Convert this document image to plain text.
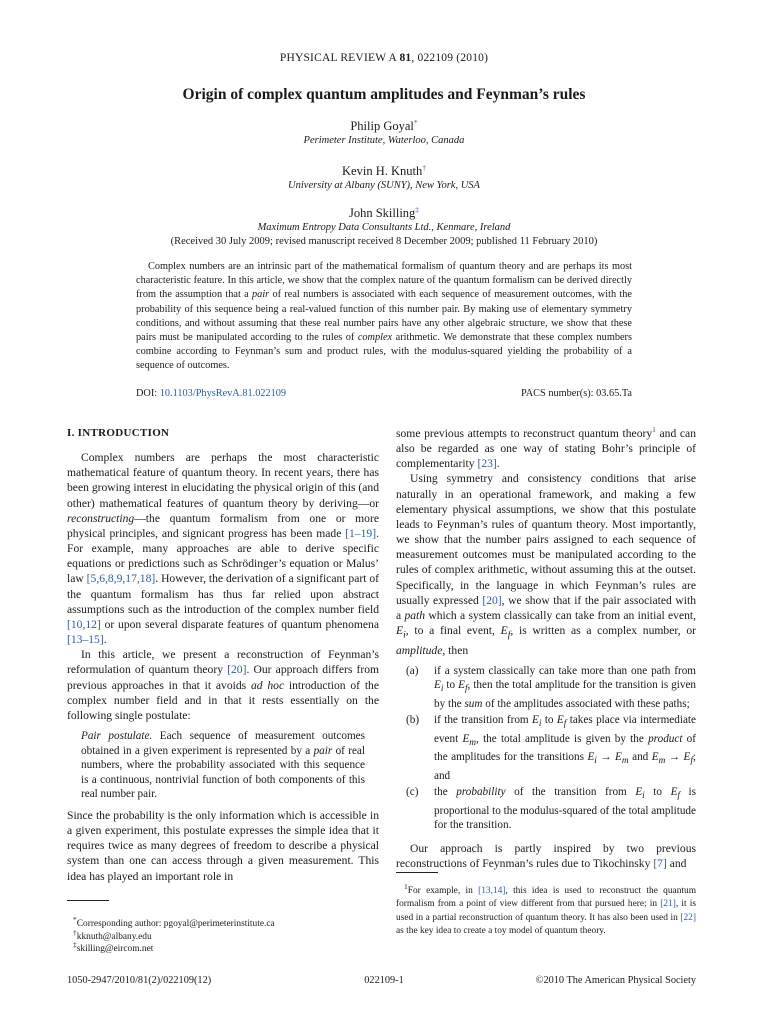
PHYSICAL REVIEW A 81, 022109 (2010)
Origin of complex quantum amplitudes and Feynman’s rules
Philip Goyal*
Perimeter Institute, Waterloo, Canada
Kevin H. Knuth†
University at Albany (SUNY), New York, USA
John Skilling‡
Maximum Entropy Data Consultants Ltd., Kenmare, Ireland
(Received 30 July 2009; revised manuscript received 8 December 2009; published 11 February 2010)

Complex numbers are an intrinsic part of the mathematical formalism of quantum theory and are perhaps its most characteristic feature. In this article, we show that the complex nature of the quantum formalism can be derived directly from the assumption that a pair of real numbers is associated with each sequence of measurement outcomes, with the probability of this sequence being a real-valued function of this number pair. By making use of elementary symmetry conditions, and without assuming that these real number pairs have any other algebraic structure, we show that these pairs must be manipulated according to the rules of complex arithmetic. We demonstrate that these complex numbers combine according to Feynman’s sum and product rules, with the modulus-squared yielding the probability of a sequence of outcomes.

DOI: 10.1103/PhysRevA.81.022109	PACS number(s): 03.65.Ta

I. INTRODUCTION

Complex numbers are perhaps the most characteristic mathematical feature of quantum theory. In recent years, there has been growing interest in elucidating the physical origin of this (and other) mathematical features of quantum theory by deriving—or reconstructing—the quantum formalism from one or more physical principles, and signicant progress has been made [1–19]. For example, many approaches are able to derive specific equations or predictions such as Schrödinger’s equation or Malus’ law [5,6,8,9,17,18]. However, the derivation of a significant part of the quantum formalism has thus far relied upon abstract assumptions such as the introduction of the complex number field [10,12] or upon several disparate features of quantum phenomena [13–15].

In this article, we present a reconstruction of Feynman’s reformulation of quantum theory [20]. Our approach differs from previous approaches in that it avoids ad hoc introduction of the complex number field and in that it rests essentially on the following single postulate:

Pair postulate. Each sequence of measurement outcomes obtained in a given experiment is represented by a pair of real numbers, where the probability associated with this sequence is a continuous, nontrivial function of both components of this real number pair.

Since the probability is the only information which is accessible in a given experiment, this postulate expresses the simple idea that it requires twice as many degrees of freedom to describe a physical system than one can access through a given measurement. This idea has played an important role in

some previous attempts to reconstruct quantum theory$^1$ and can also be regarded as one way of stating Bohr’s principle of complementarity [23].

Using symmetry and consistency conditions that arise naturally in an operational framework, and making a few elementary physical assumptions, we show that this postulate leads to Feynman’s rules of quantum theory. Most importantly, we show that the number pairs assigned to each sequence of measurement outcomes must be manipulated according to the rules of complex arithmetic, without assuming this at the outset. Specifically, in the language in which Feynman’s rules are usually expressed [20], we show that if the pair associated with a path which a system classically can take from an initial event, $E_i$, to a final event, $E_f$, is written as a complex number, or amplitude, then

(a) if a system classically can take more than one path from $E_i$ to $E_f$, then the total amplitude for the transition is given by the sum of the amplitudes associated with these paths;
(b) if the transition from $E_i$ to $E_f$ takes place via intermediate event $E_m$, the total amplitude is given by the product of the amplitudes for the transitions $E_i \to E_m$ and $E_m \to E_f$; and
(c) the probability of the transition from $E_i$ to $E_f$ is proportional to the modulus-squared of the total amplitude for the transition.

Our approach is partly inspired by two previous reconstructions of Feynman’s rules due to Tikochinsky [7] and

$^1$For example, in [13,14], this idea is used to reconstruct the quantum formalism from a point of view different from that pursued here; in [21], it is used in a partial reconstruction of quantum theory. It has also been used in [22] as the key idea to create a toy model of quantum theory.
*Corresponding author: pgoyal@perimeterinstitute.ca
†kknuth@albany.edu
‡skilling@eircom.net
1050-2947/2010/81(2)/022109(12)	022109-1	©2010 The American Physical Society
